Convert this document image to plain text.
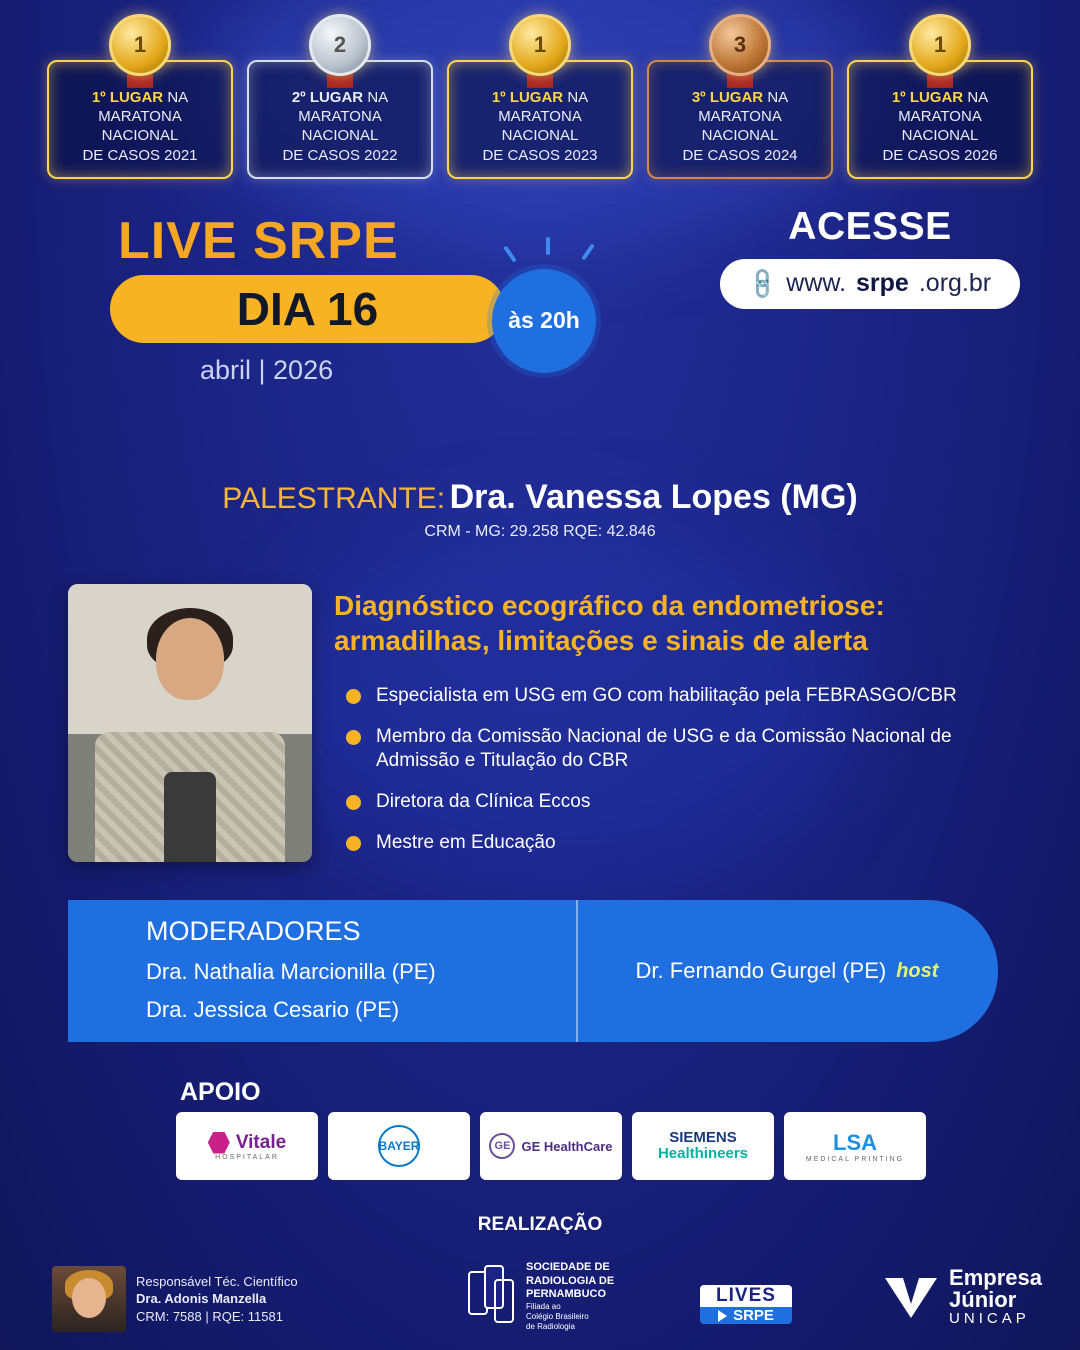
1
1º LUGAR NA
MARATONA
NACIONAL
DE CASOS 2021
2
2º LUGAR NA
MARATONA
NACIONAL
DE CASOS 2022
1
1º LUGAR NA
MARATONA
NACIONAL
DE CASOS 2023
3
3º LUGAR NA
MARATONA
NACIONAL
DE CASOS 2024
1
1º LUGAR NA
MARATONA
NACIONAL
DE CASOS 2026
LIVE SRPE
DIA 16	às 20h
abril | 2026
ACESSE
🔗 www. srpe .org.br
PALESTRANTE: Dra. Vanessa Lopes (MG)
CRM - MG: 29.258 RQE: 42.846
Diagnóstico ecográfico da endometriose:
armadilhas, limitações e sinais de alerta
Especialista em USG em GO com habilitação pela FEBRASGO/CBR
Membro da Comissão Nacional de USG e da Comissão Nacional de Admissão e Titulação do CBR
Diretora da Clínica Eccos
Mestre em Educação
MODERADORES
Dra. Nathalia Marcionilla (PE)
Dra. Jessica Cesario (PE)
Dr. Fernando Gurgel (PE) host
APOIO
Vitale
HOSPITALAR
BAYER	GE GE HealthCare
SIEMENS
Healthineers	LSA
MEDICAL PRINTING
REALIZAÇÃO
Responsável Téc. Científico
Dra. Adonis Manzella
CRM: 7588 | RQE: 11581
SOCIEDADE DE
RADIOLOGIA DE
PERNAMBUCO
Filiada ao
Colégio Brasileiro
de Radiologia
LIVES
SRPE
Empresa
Júnior
UNICAP
